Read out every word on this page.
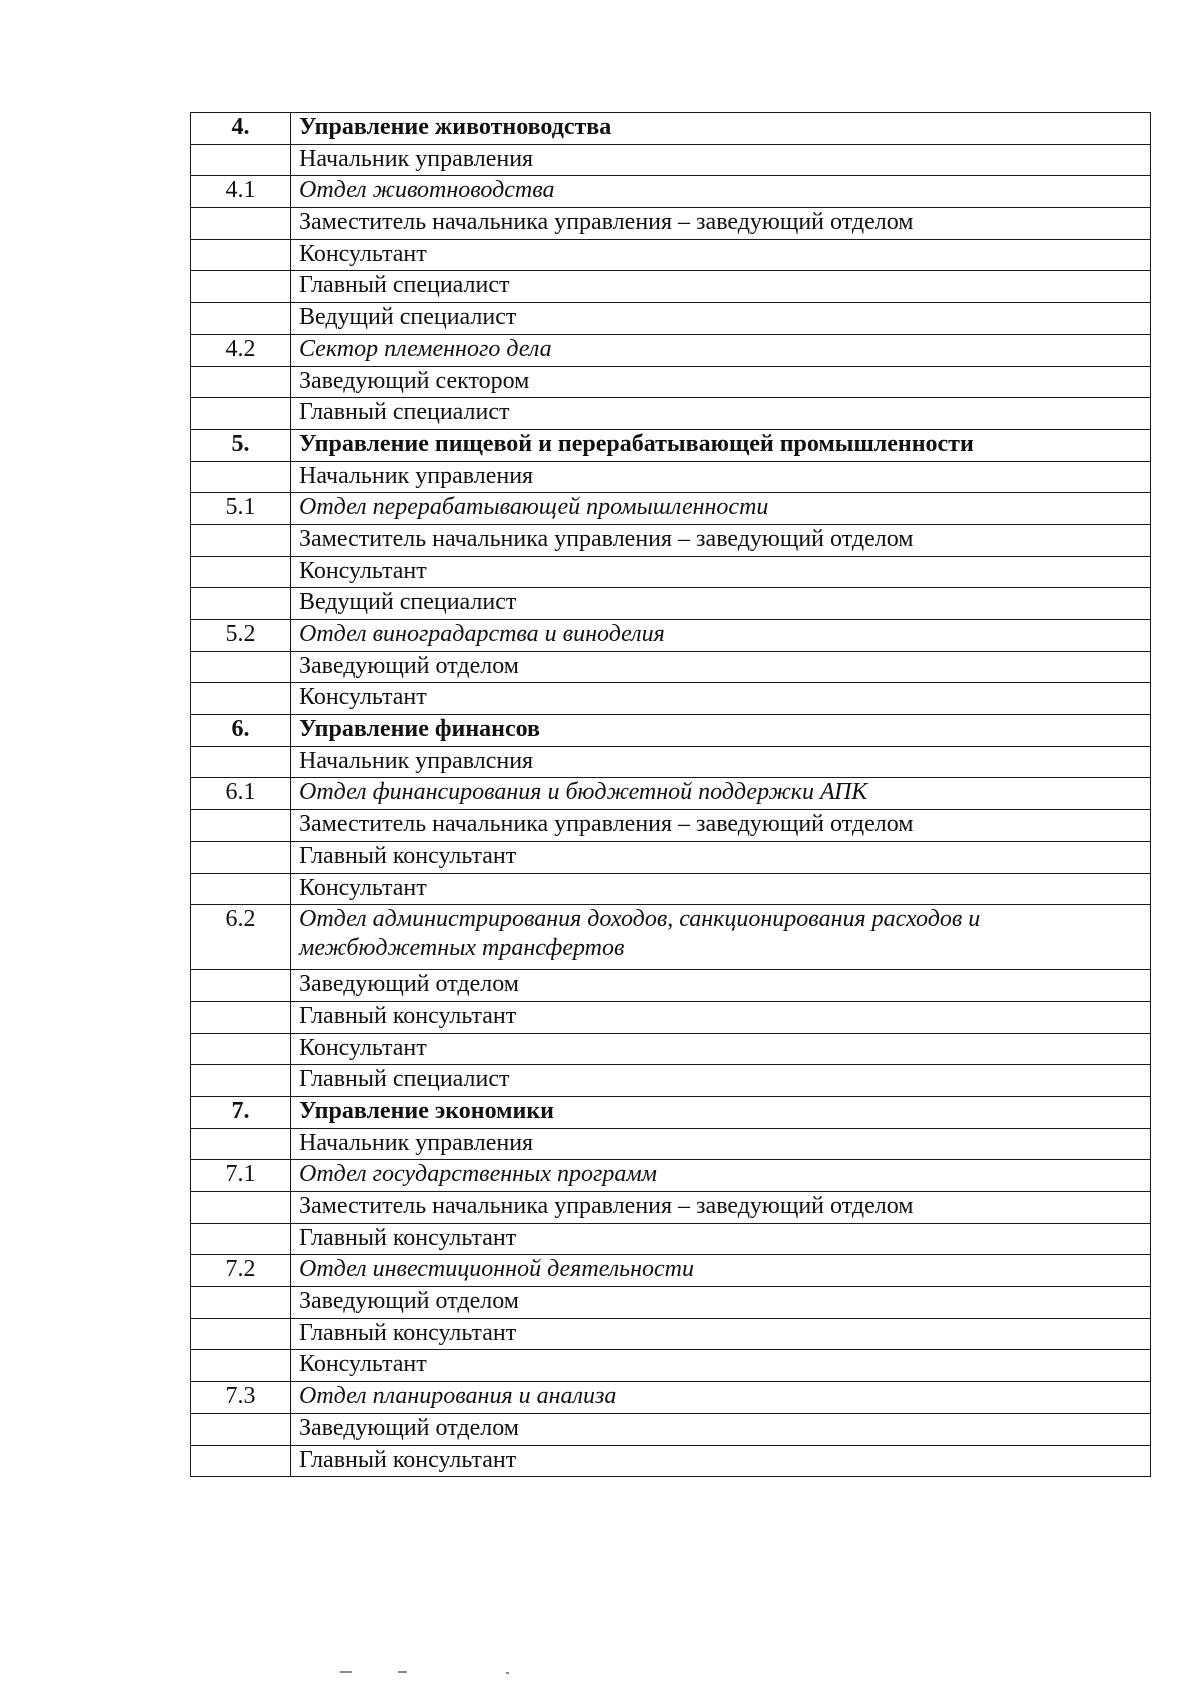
4.	Управление животноводства
	Начальник управления
4.1	Отдел животноводства
	Заместитель начальника управления – заведующий отделом
	Консультант
	Главный специалист
	Ведущий специалист
4.2	Сектор племенного дела
	Заведующий сектором
	Главный специалист
5.	Управление пищевой и перерабатывающей промышленности
	Начальник управления
5.1	Отдел перерабатывающей промышленности
	Заместитель начальника управления – заведующий отделом
	Консультант
	Ведущий специалист
5.2	Отдел виноградарства и виноделия
	Заведующий отделом
	Консультант
6.	Управление финансов
	Начальник управлсния
6.1	Отдел финансирования и бюджетной поддержки АПК
	Заместитель начальника управления – заведующий отделом
	Главный консультант
	Консультант
6.2	Отдел администрирования доходов, санкционирования расходов и межбюджетных трансфертов
	Заведующий отделом
	Главный консультант
	Консультант
	Главный специалист
7.	Управление экономики
	Начальник управления
7.1	Отдел государственных программ
	Заместитель начальника управления – заведующий отделом
	Главный консультант
7.2	Отдел инвестиционной деятельности
	Заведующий отделом
	Главный консультант
	Консультант
7.3	Отдел планирования и анализа
	Заведующий отделом
	Главный консультант
